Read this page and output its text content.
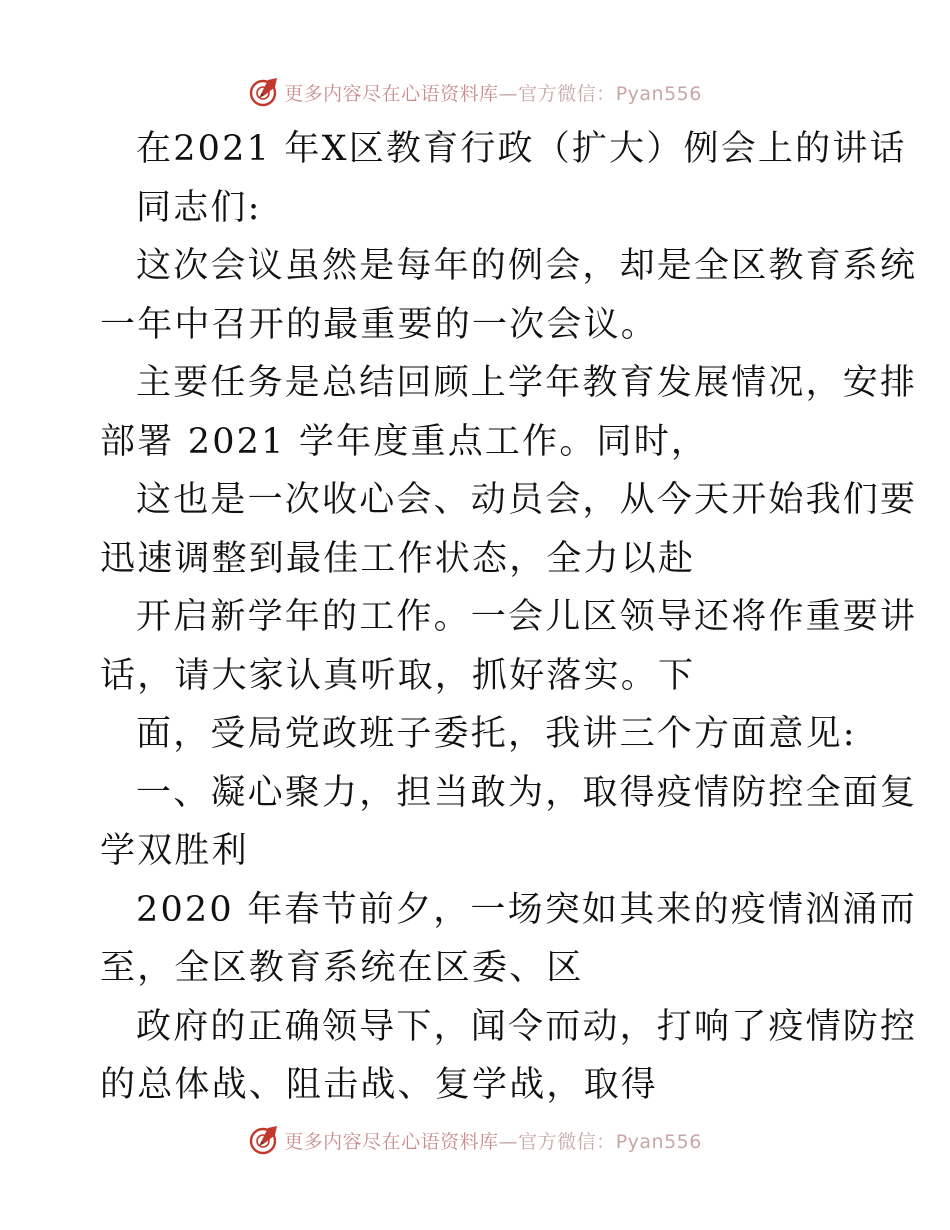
更多内容尽在心语资料库—官方微信：Pyan556
在2021 年X区教育行政（扩大）例会上的讲话
同志们:
这次会议虽然是每年的例会，却是全区教育系统
一年中召开的最重要的一次会议。
主要任务是总结回顾上学年教育发展情况，安排
部署 2021 学年度重点工作。同时，
这也是一次收心会、动员会，从今天开始我们要
迅速调整到最佳工作状态，全力以赴
开启新学年的工作。一会儿区领导还将作重要讲
话，请大家认真听取，抓好落实。下
面，受局党政班子委托，我讲三个方面意见:
一、凝心聚力，担当敢为，取得疫情防控全面复
学双胜利
2020 年春节前夕，一场突如其来的疫情汹涌而
至，全区教育系统在区委、区
政府的正确领导下，闻令而动，打响了疫情防控
的总体战、阻击战、复学战，取得
更多内容尽在心语资料库—官方微信：Pyan556
